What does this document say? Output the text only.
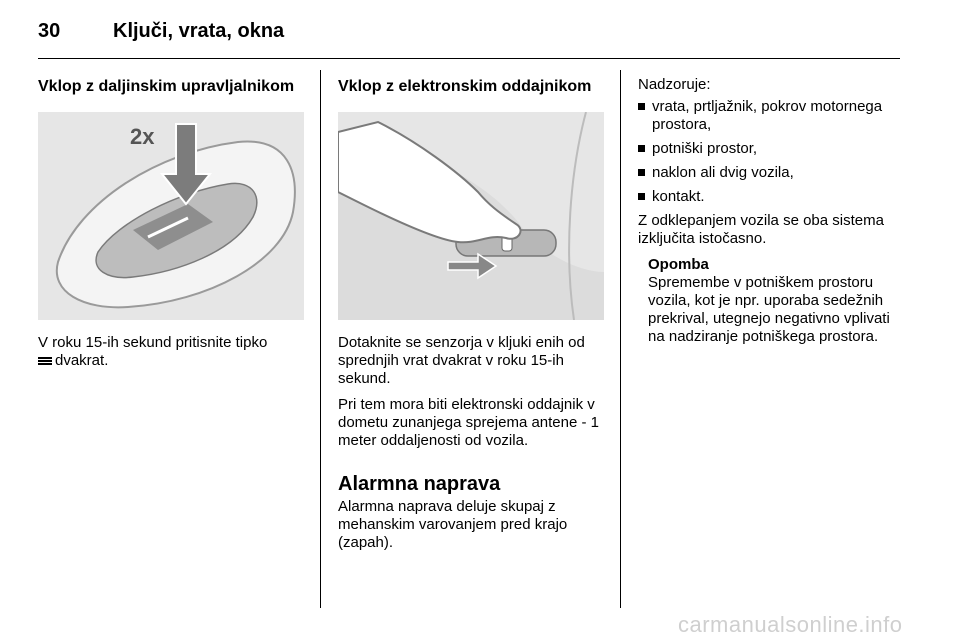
30	Ključi, vrata, okna
Vklop z daljinskim upravljalnikom
2x

V roku 15-ih sekund pritisnite tipko
dvakrat.

Vklop z elektronskim oddajnikom

Dotaknite se senzorja v kljuki enih od sprednjih vrat dvakrat v roku 15-ih sekund.

Pri tem mora biti elektronski oddajnik v dometu zunanjega sprejema antene - 1 meter oddaljenosti od vozila.

Alarmna naprava

Alarmna naprava deluje skupaj z mehanskim varovanjem pred krajo (zapah).

Nadzoruje:

vrata, prtljažnik, pokrov motornega prostora,
potniški prostor,
naklon ali dvig vozila,
kontakt.

Z odklepanjem vozila se oba sistema izključita istočasno.

Opomba

Spremembe v potniškem prostoru vozila, kot je npr. uporaba sedežnih prekrival, utegnejo negativno vplivati na nadziranje potniškega prostora.

carmanualsonline.info
